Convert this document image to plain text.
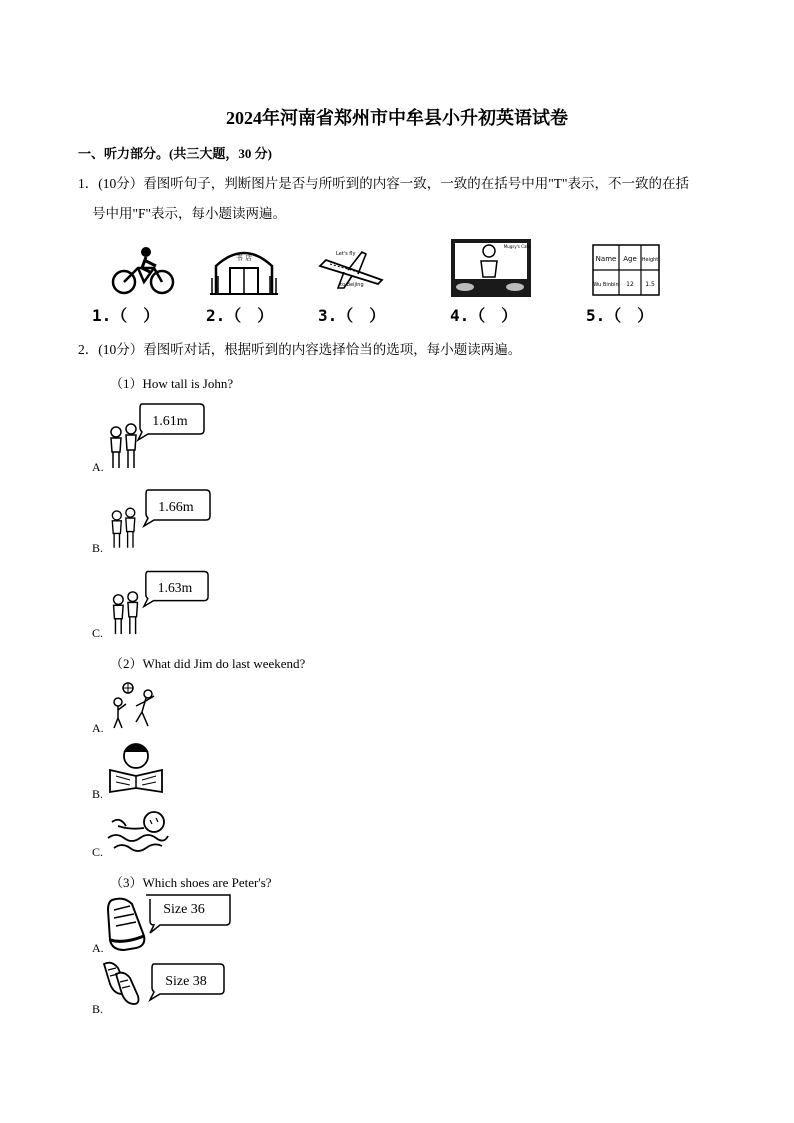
2024年河南省郑州市中牟县小升初英语试卷
一、听力部分。(共三大题，30 分)
1．(10分）看图听句子，判断图片是否与所听到的内容一致，一致的在括号中用"T"表示，不一致的在括
号中用"F"表示，每小题读两遍。
书 店	Let's fly
to Beijing
Mugsy's Cafe
Name Age Height
Wu Binbin 12 1.5
1.（　）	2.（　）	3.（　）	4.（　）	5.（　）
2．(10分）看图听对话，根据听到的内容选择恰当的选项，每小题读两遍。
（1）How tall is John?
1.61m
A.
1.66m
B.
1.63m
C.
（2）What did Jim do last weekend?
A.
B.
C.
（3）Which shoes are Peter's?
Size 36
A.
Size 38
B.
